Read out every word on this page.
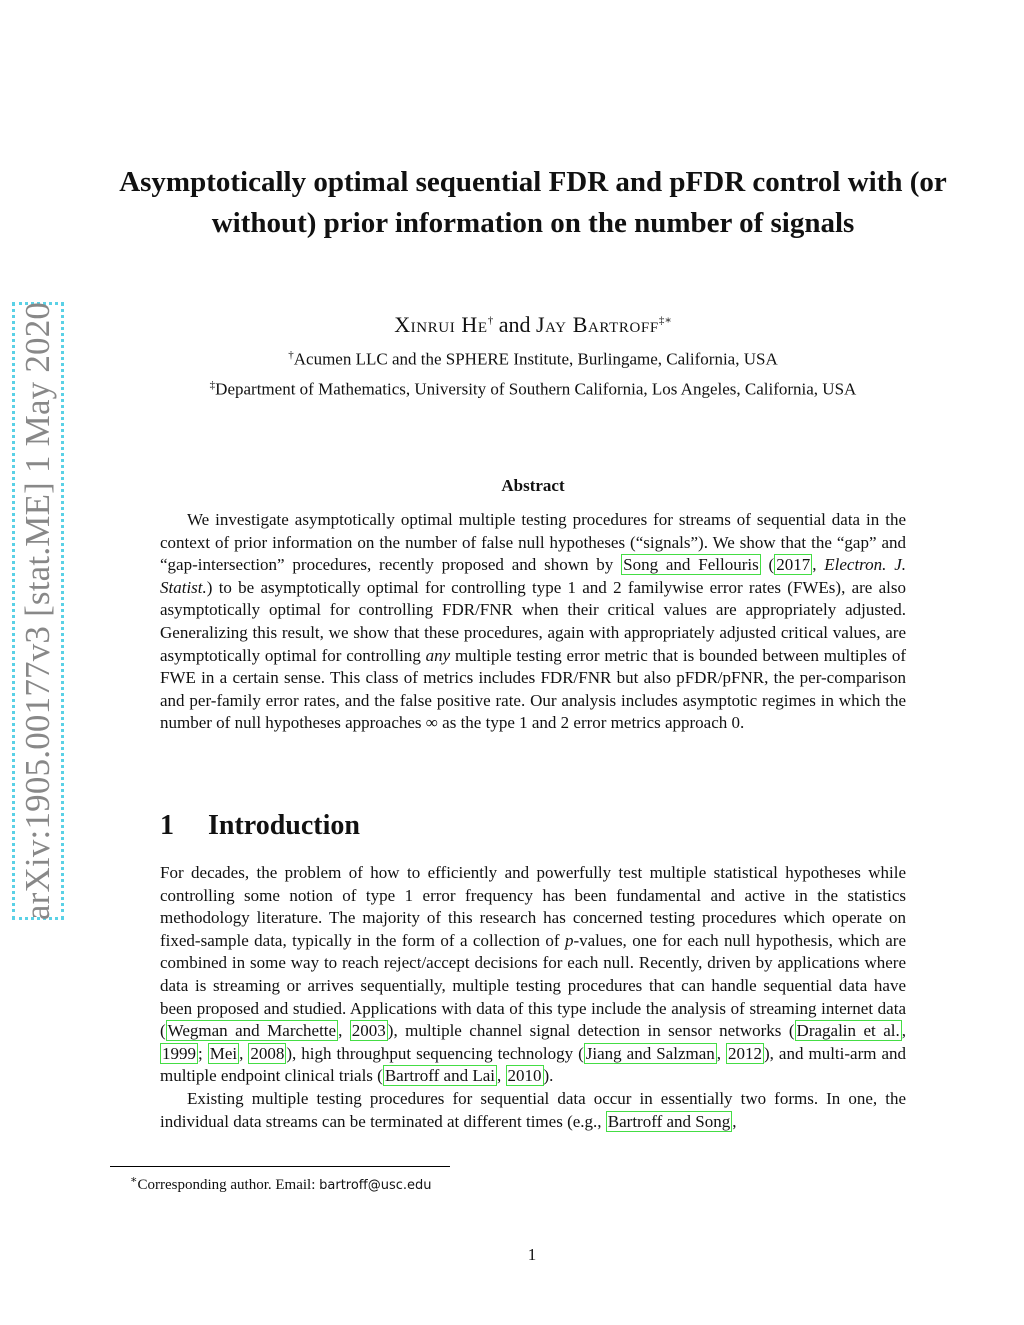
arXiv:1905.00177v3 [stat.ME] 1 May 2020
Asymptotically optimal sequential FDR and pFDR control with (or without) prior information on the number of signals
Xinrui He† and Jay Bartroff‡∗
†Acumen LLC and the SPHERE Institute, Burlingame, California, USA
‡Department of Mathematics, University of Southern California, Los Angeles, California, USA
Abstract

We investigate asymptotically optimal multiple testing procedures for streams of sequential data in the context of prior information on the number of false null hypotheses (“signals”). We show that the “gap” and “gap-intersection” procedures, recently proposed and shown by Song and Fellouris ( 2017 , Electron. J. Statist.) to be asymptotically optimal for controlling type 1 and 2 familywise error rates (FWEs), are also asymptotically optimal for controlling FDR/FNR when their critical values are appropriately adjusted. Generalizing this result, we show that these procedures, again with appropriately adjusted critical values, are asymptotically optimal for controlling any multiple testing error metric that is bounded between multiples of FWE in a certain sense. This class of metrics includes FDR/FNR but also pFDR/pFNR, the per-comparison and per-family error rates, and the false positive rate. Our analysis includes asymptotic regimes in which the number of null hypotheses approaches ∞ as the type 1 and 2 error metrics approach 0.

1 Introduction

For decades, the problem of how to efficiently and powerfully test multiple statistical hypotheses while controlling some notion of type 1 error frequency has been fundamental and active in the statistics methodology literature. The majority of this research has concerned testing procedures which operate on fixed-sample data, typically in the form of a collection of p-values, one for each null hypothesis, which are combined in some way to reach reject/accept decisions for each null. Recently, driven by applications where data is streaming or arrives sequentially, multiple testing procedures that can handle sequential data have been proposed and studied. Applications with data of this type include the analysis of streaming internet data ( Wegman and Marchette , 2003 ), multiple channel signal detection in sensor networks ( Dragalin et al. , 1999 ; Mei , 2008 ), high throughput sequencing technology ( Jiang and Salzman , 2012 ), and multi-arm and multiple endpoint clinical trials ( Bartroff and Lai , 2010 ).

Existing multiple testing procedures for sequential data occur in essentially two forms. In one, the individual data streams can be terminated at different times (e.g., Bartroff and Song ,

∗Corresponding author. Email: bartroff@usc.edu
1
